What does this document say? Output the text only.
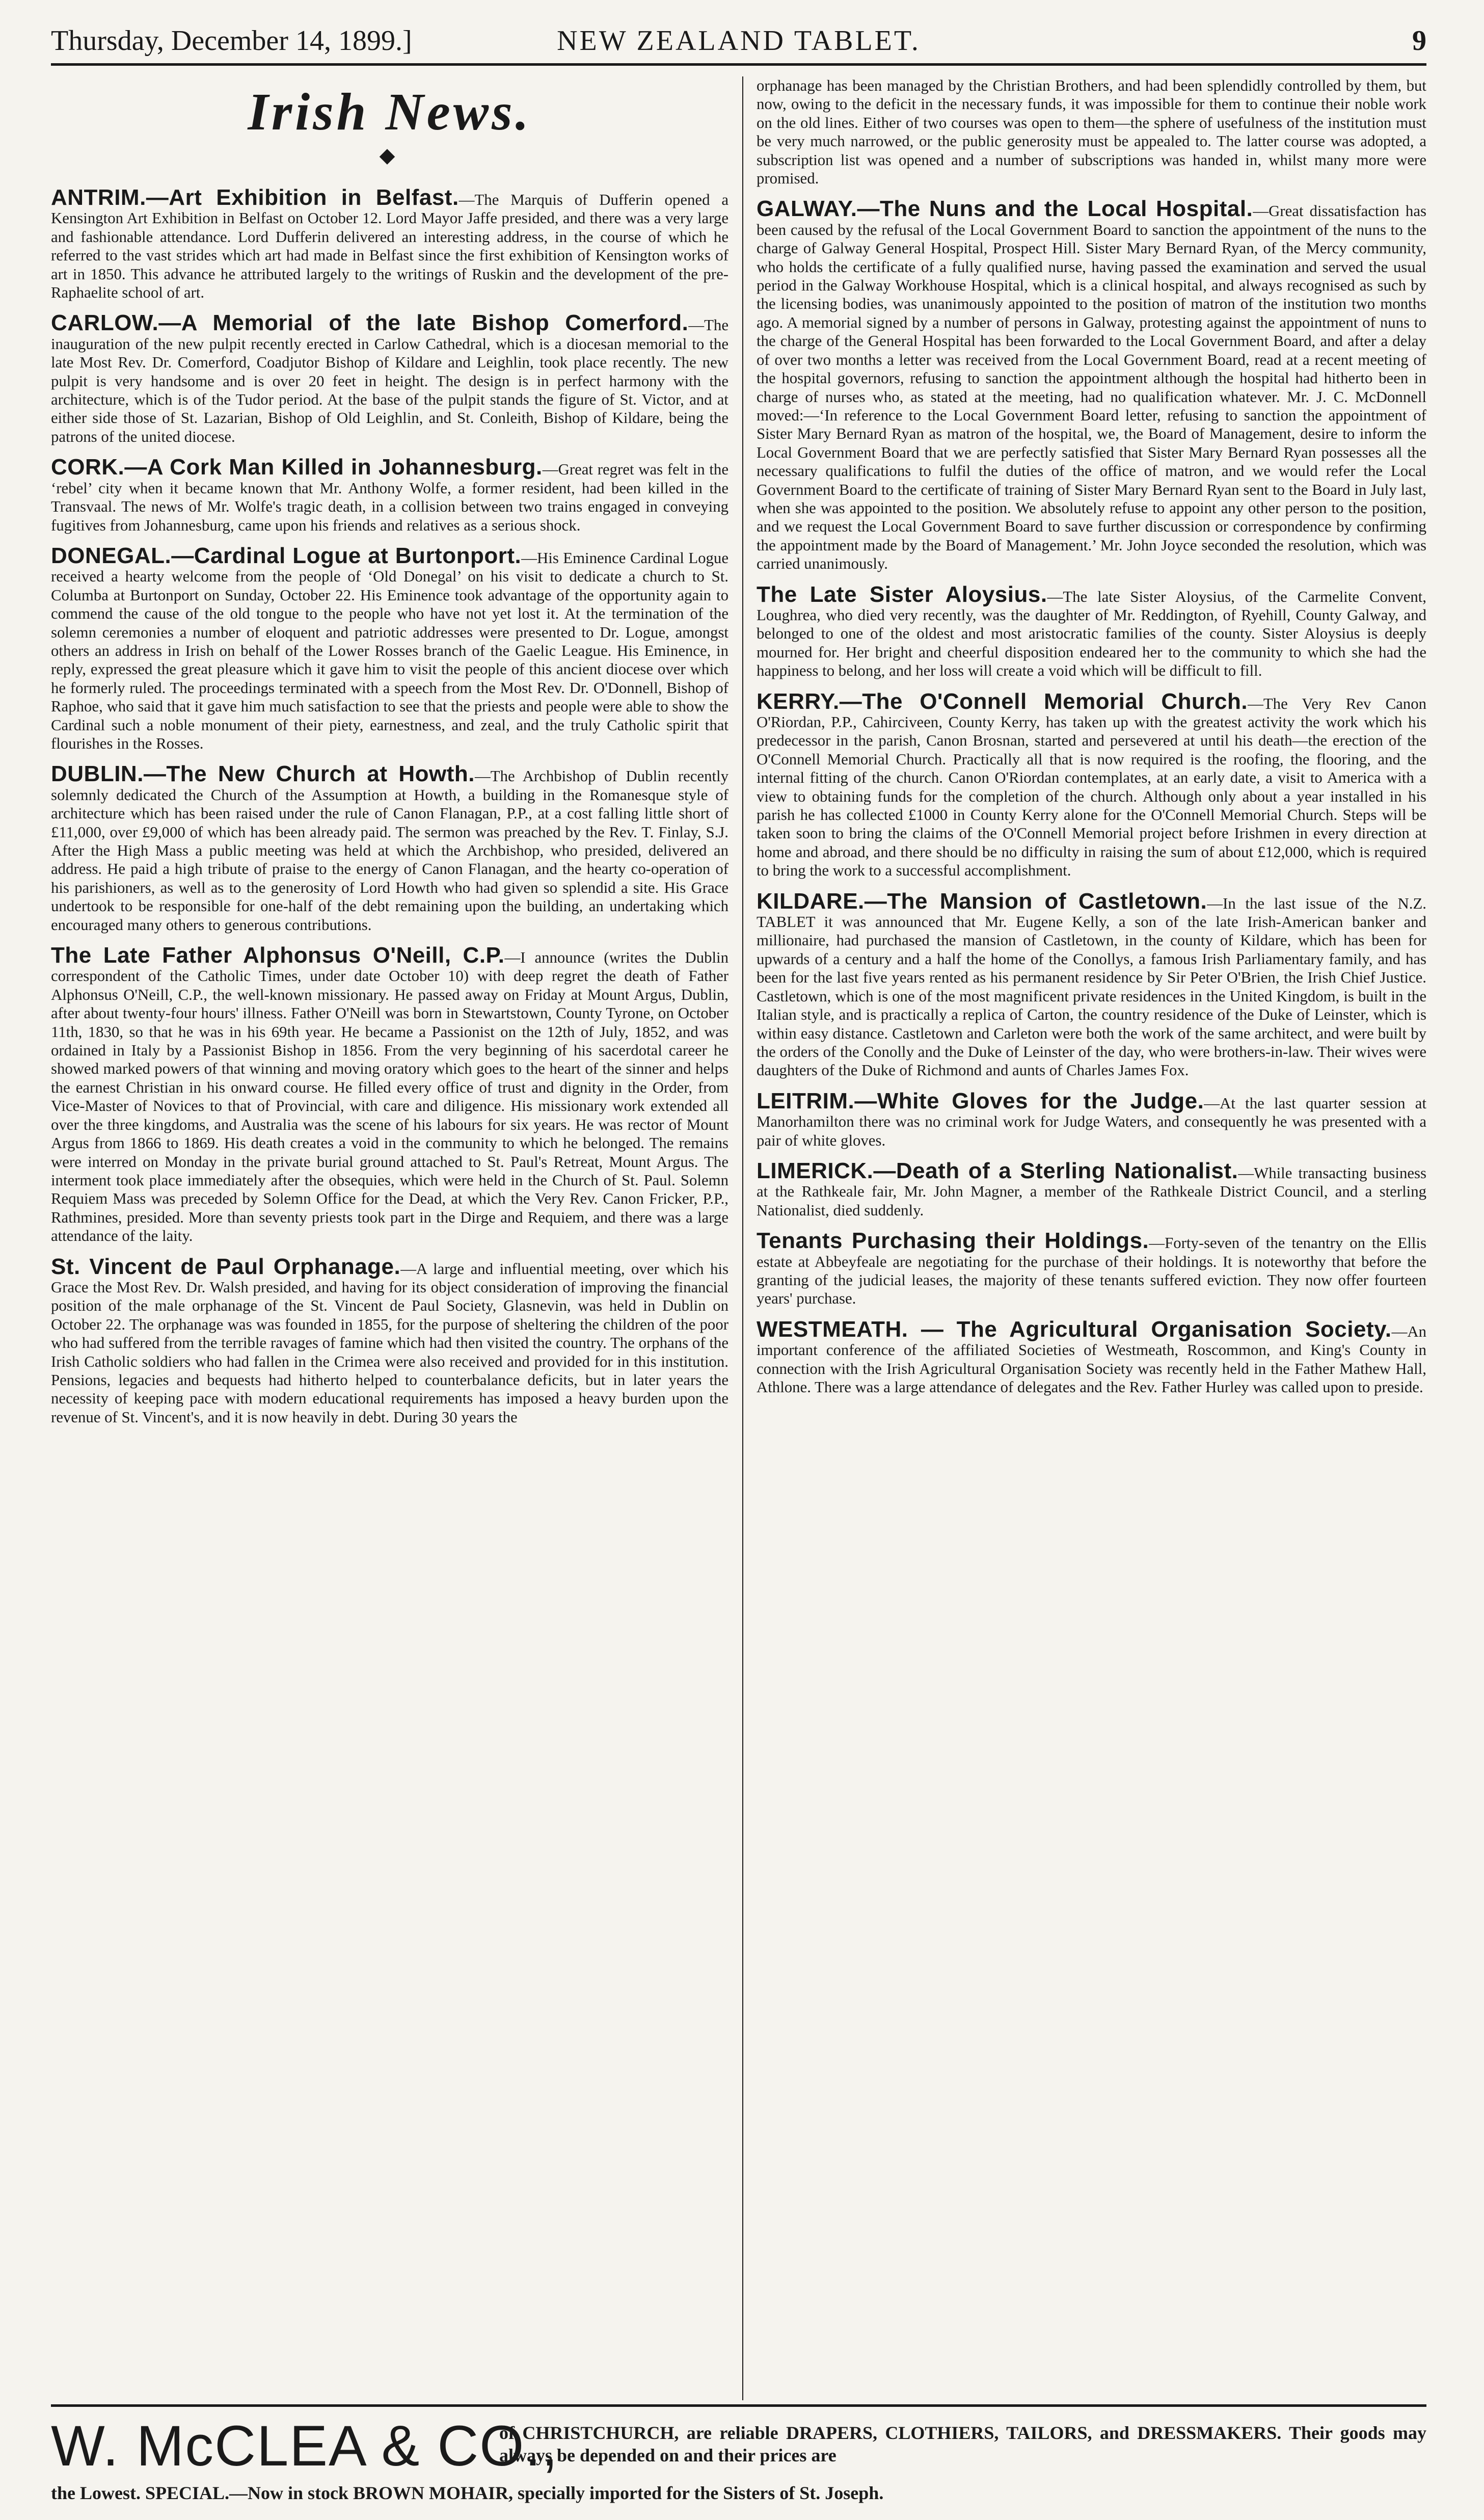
NEW ZEALAND TABLET.
Thursday, December 14, 1899.]	9
Irish News.
◆

ANTRIM.—Art Exhibition in Belfast.—The Marquis of Dufferin opened a Kensington Art Exhibition in Belfast on October 12. Lord Mayor Jaffe presided, and there was a very large and fashionable attendance. Lord Dufferin delivered an interesting address, in the course of which he referred to the vast strides which art had made in Belfast since the first exhibition of Kensington works of art in 1850. This advance he attributed largely to the writings of Ruskin and the development of the pre-Raphaelite school of art.

CARLOW.—A Memorial of the late Bishop Comerford.—The inauguration of the new pulpit recently erected in Carlow Cathedral, which is a diocesan memorial to the late Most Rev. Dr. Comerford, Coadjutor Bishop of Kildare and Leighlin, took place recently. The new pulpit is very handsome and is over 20 feet in height. The design is in perfect harmony with the architecture, which is of the Tudor period. At the base of the pulpit stands the figure of St. Victor, and at either side those of St. Lazarian, Bishop of Old Leighlin, and St. Conleith, Bishop of Kildare, being the patrons of the united diocese.

CORK.—A Cork Man Killed in Johannesburg.—Great regret was felt in the ‘rebel’ city when it became known that Mr. Anthony Wolfe, a former resident, had been killed in the Transvaal. The news of Mr. Wolfe's tragic death, in a collision between two trains engaged in conveying fugitives from Johannesburg, came upon his friends and relatives as a serious shock.

DONEGAL.—Cardinal Logue at Burtonport.—His Eminence Cardinal Logue received a hearty welcome from the people of ‘Old Donegal’ on his visit to dedicate a church to St. Columba at Burtonport on Sunday, October 22. His Eminence took advantage of the opportunity again to commend the cause of the old tongue to the people who have not yet lost it. At the termination of the solemn ceremonies a number of eloquent and patriotic addresses were presented to Dr. Logue, amongst others an address in Irish on behalf of the Lower Rosses branch of the Gaelic League. His Eminence, in reply, expressed the great pleasure which it gave him to visit the people of this ancient diocese over which he formerly ruled. The proceedings terminated with a speech from the Most Rev. Dr. O'Donnell, Bishop of Raphoe, who said that it gave him much satisfaction to see that the priests and people were able to show the Cardinal such a noble monument of their piety, earnestness, and zeal, and the truly Catholic spirit that flourishes in the Rosses.

DUBLIN.—The New Church at Howth.—The Archbishop of Dublin recently solemnly dedicated the Church of the Assumption at Howth, a building in the Romanesque style of architecture which has been raised under the rule of Canon Flanagan, P.P., at a cost falling little short of £11,000, over £9,000 of which has been already paid. The sermon was preached by the Rev. T. Finlay, S.J. After the High Mass a public meeting was held at which the Archbishop, who presided, delivered an address. He paid a high tribute of praise to the energy of Canon Flanagan, and the hearty co-operation of his parishioners, as well as to the generosity of Lord Howth who had given so splendid a site. His Grace undertook to be responsible for one-half of the debt remaining upon the building, an undertaking which encouraged many others to generous contributions.

The Late Father Alphonsus O'Neill, C.P.—I announce (writes the Dublin correspondent of the Catholic Times, under date October 10) with deep regret the death of Father Alphonsus O'Neill, C.P., the well-known missionary. He passed away on Friday at Mount Argus, Dublin, after about twenty-four hours' illness. Father O'Neill was born in Stewartstown, County Tyrone, on October 11th, 1830, so that he was in his 69th year. He became a Passionist on the 12th of July, 1852, and was ordained in Italy by a Passionist Bishop in 1856. From the very beginning of his sacerdotal career he showed marked powers of that winning and moving oratory which goes to the heart of the sinner and helps the earnest Christian in his onward course. He filled every office of trust and dignity in the Order, from Vice-Master of Novices to that of Provincial, with care and diligence. His missionary work extended all over the three kingdoms, and Australia was the scene of his labours for six years. He was rector of Mount Argus from 1866 to 1869. His death creates a void in the community to which he belonged. The remains were interred on Monday in the private burial ground attached to St. Paul's Retreat, Mount Argus. The interment took place immediately after the obsequies, which were held in the Church of St. Paul. Solemn Requiem Mass was preceded by Solemn Office for the Dead, at which the Very Rev. Canon Fricker, P.P., Rathmines, presided. More than seventy priests took part in the Dirge and Requiem, and there was a large attendance of the laity.

St. Vincent de Paul Orphanage.—A large and influential meeting, over which his Grace the Most Rev. Dr. Walsh presided, and having for its object consideration of improving the financial position of the male orphanage of the St. Vincent de Paul Society, Glasnevin, was held in Dublin on October 22. The orphanage was was founded in 1855, for the purpose of sheltering the children of the poor who had suffered from the terrible ravages of famine which had then visited the country. The orphans of the Irish Catholic soldiers who had fallen in the Crimea were also received and provided for in this institution. Pensions, legacies and bequests had hitherto helped to counterbalance deficits, but in later years the necessity of keeping pace with modern educational requirements has imposed a heavy burden upon the revenue of St. Vincent's, and it is now heavily in debt. During 30 years the

orphanage has been managed by the Christian Brothers, and had been splendidly controlled by them, but now, owing to the deficit in the necessary funds, it was impossible for them to continue their noble work on the old lines. Either of two courses was open to them—the sphere of usefulness of the institution must be very much narrowed, or the public generosity must be appealed to. The latter course was adopted, a subscription list was opened and a number of subscriptions was handed in, whilst many more were promised.

GALWAY.—The Nuns and the Local Hospital.—Great dissatisfaction has been caused by the refusal of the Local Government Board to sanction the appointment of the nuns to the charge of Galway General Hospital, Prospect Hill. Sister Mary Bernard Ryan, of the Mercy community, who holds the certificate of a fully qualified nurse, having passed the examination and served the usual period in the Galway Workhouse Hospital, which is a clinical hospital, and always recognised as such by the licensing bodies, was unanimously appointed to the position of matron of the institution two months ago. A memorial signed by a number of persons in Galway, protesting against the appointment of nuns to the charge of the General Hospital has been forwarded to the Local Government Board, and after a delay of over two months a letter was received from the Local Government Board, read at a recent meeting of the hospital governors, refusing to sanction the appointment although the hospital had hitherto been in charge of nurses who, as stated at the meeting, had no qualification whatever. Mr. J. C. McDonnell moved:—‘In reference to the Local Government Board letter, refusing to sanction the appointment of Sister Mary Bernard Ryan as matron of the hospital, we, the Board of Management, desire to inform the Local Government Board that we are perfectly satisfied that Sister Mary Bernard Ryan possesses all the necessary qualifications to fulfil the duties of the office of matron, and we would refer the Local Government Board to the certificate of training of Sister Mary Bernard Ryan sent to the Board in July last, when she was appointed to the position. We absolutely refuse to appoint any other person to the position, and we request the Local Government Board to save further discussion or correspondence by confirming the appointment made by the Board of Management.’ Mr. John Joyce seconded the resolution, which was carried unanimously.

The Late Sister Aloysius.—The late Sister Aloysius, of the Carmelite Convent, Loughrea, who died very recently, was the daughter of Mr. Reddington, of Ryehill, County Galway, and belonged to one of the oldest and most aristocratic families of the county. Sister Aloysius is deeply mourned for. Her bright and cheerful disposition endeared her to the community to which she had the happiness to belong, and her loss will create a void which will be difficult to fill.

KERRY.—The O'Connell Memorial Church.—The Very Rev Canon O'Riordan, P.P., Cahirciveen, County Kerry, has taken up with the greatest activity the work which his predecessor in the parish, Canon Brosnan, started and persevered at until his death—the erection of the O'Connell Memorial Church. Practically all that is now required is the roofing, the flooring, and the internal fitting of the church. Canon O'Riordan contemplates, at an early date, a visit to America with a view to obtaining funds for the completion of the church. Although only about a year installed in his parish he has collected £1000 in County Kerry alone for the O'Connell Memorial Church. Steps will be taken soon to bring the claims of the O'Connell Memorial project before Irishmen in every direction at home and abroad, and there should be no difficulty in raising the sum of about £12,000, which is required to bring the work to a successful accomplishment.

KILDARE.—The Mansion of Castletown.—In the last issue of the N.Z. TABLET it was announced that Mr. Eugene Kelly, a son of the late Irish-American banker and millionaire, had purchased the mansion of Castletown, in the county of Kildare, which has been for upwards of a century and a half the home of the Conollys, a famous Irish Parliamentary family, and has been for the last five years rented as his permanent residence by Sir Peter O'Brien, the Irish Chief Justice. Castletown, which is one of the most magnificent private residences in the United Kingdom, is built in the Italian style, and is practically a replica of Carton, the country residence of the Duke of Leinster, which is within easy distance. Castletown and Carleton were both the work of the same architect, and were built by the orders of the Conolly and the Duke of Leinster of the day, who were brothers-in-law. Their wives were daughters of the Duke of Richmond and aunts of Charles James Fox.

LEITRIM.—White Gloves for the Judge.—At the last quarter session at Manorhamilton there was no criminal work for Judge Waters, and consequently he was presented with a pair of white gloves.

LIMERICK.—Death of a Sterling Nationalist.—While transacting business at the Rathkeale fair, Mr. John Magner, a member of the Rathkeale District Council, and a sterling Nationalist, died suddenly.

Tenants Purchasing their Holdings.—Forty-seven of the tenantry on the Ellis estate at Abbeyfeale are negotiating for the purchase of their holdings. It is noteworthy that before the granting of the judicial leases, the majority of these tenants suffered eviction. They now offer fourteen years' purchase.

WESTMEATH. — The Agricultural Organisation Society.—An important conference of the affiliated Societies of Westmeath, Roscommon, and King's County in connection with the Irish Agricultural Organisation Society was recently held in the Father Mathew Hall, Athlone. There was a large attendance of delegates and the Rev. Father Hurley was called upon to preside.

W. McCLEA & CO.,
of CHRISTCHURCH, are reliable DRAPERS, CLOTHIERS, TAILORS, and DRESSMAKERS. Their goods may always be depended on and their prices are
the Lowest. SPECIAL.—Now in stock BROWN MOHAIR, specially imported for the Sisters of St. Joseph.
